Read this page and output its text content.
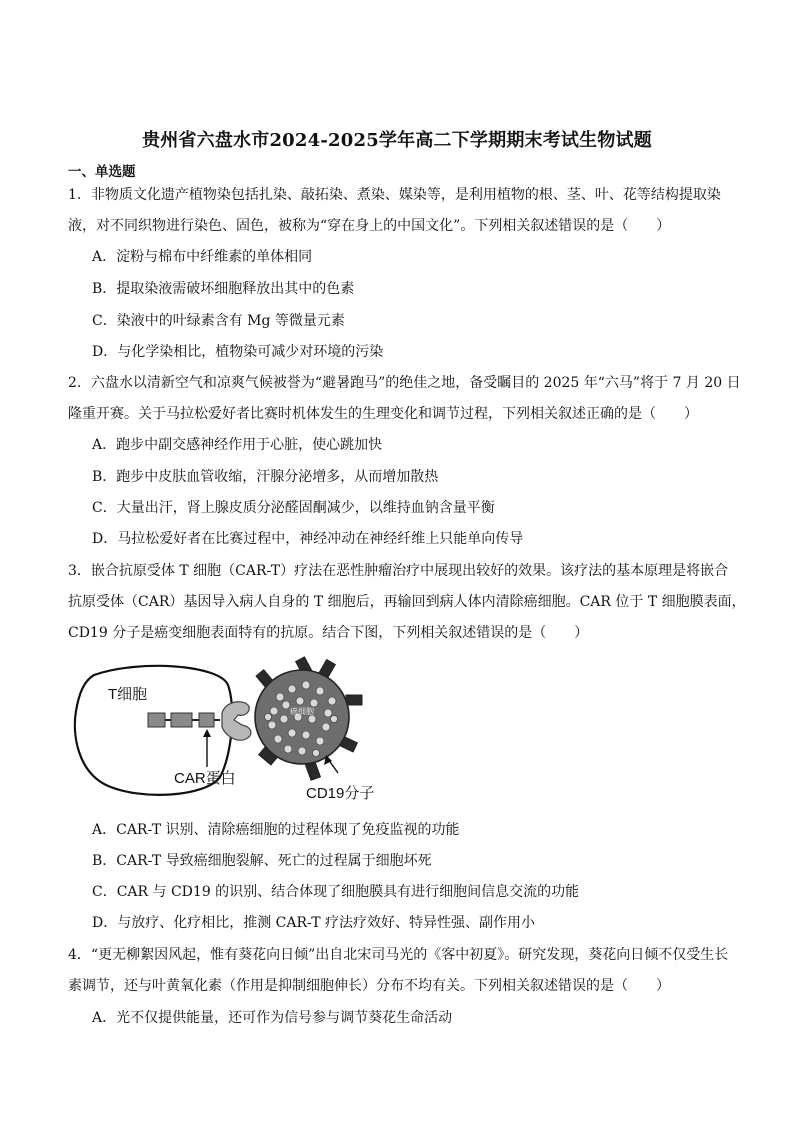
贵州省六盘水市2024-2025学年高二下学期期末考试生物试题
一、单选题
1．非物质文化遗产植物染包括扎染、敲拓染、煮染、媒染等，是利用植物的根、茎、叶、花等结构提取染
液，对不同织物进行染色、固色，被称为“穿在身上的中国文化”。下列相关叙述错误的是（　　）
A．淀粉与棉布中纤维素的单体相同
B．提取染液需破坏细胞释放出其中的色素
C．染液中的叶绿素含有 Mg 等微量元素
D．与化学染相比，植物染可减少对环境的污染
2．六盘水以清新空气和凉爽气候被誉为“避暑跑马”的绝佳之地，备受瞩目的 2025 年“六马”将于 7 月 20 日
隆重开赛。关于马拉松爱好者比赛时机体发生的生理变化和调节过程，下列相关叙述正确的是（　　）
A．跑步中副交感神经作用于心脏，使心跳加快
B．跑步中皮肤血管收缩，汗腺分泌增多，从而增加散热
C．大量出汗，肾上腺皮质分泌醛固酮减少，以维持血钠含量平衡
D．马拉松爱好者在比赛过程中，神经冲动在神经纤维上只能单向传导
3．嵌合抗原受体 T 细胞（CAR-T）疗法在恶性肿瘤治疗中展现出较好的效果。该疗法的基本原理是将嵌合
抗原受体（CAR）基因导入病人自身的 T 细胞后，再输回到病人体内清除癌细胞。CAR 位于 T 细胞膜表面，
CD19 分子是癌变细胞表面特有的抗原。结合下图，下列相关叙述错误的是（　　）
T细胞
CAR蛋白
癌细胞
CD19分子
A．CAR-T 识别、清除癌细胞的过程体现了免疫监视的功能
B．CAR-T 导致癌细胞裂解、死亡的过程属于细胞坏死
C．CAR 与 CD19 的识别、结合体现了细胞膜具有进行细胞间信息交流的功能
D．与放疗、化疗相比，推测 CAR-T 疗法疗效好、特异性强、副作用小
4．“更无柳絮因风起，惟有葵花向日倾”出自北宋司马光的《客中初夏》。研究发现，葵花向日倾不仅受生长
素调节，还与叶黄氧化素（作用是抑制细胞伸长）分布不均有关。下列相关叙述错误的是（　　）
A．光不仅提供能量，还可作为信号参与调节葵花生命活动
